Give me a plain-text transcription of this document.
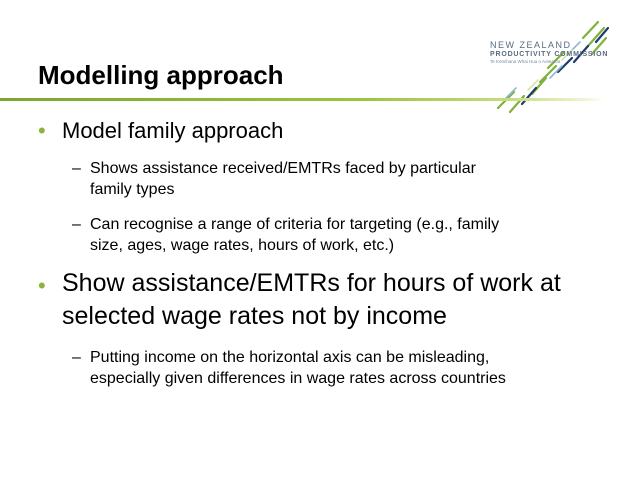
NEW ZEALAND
PRODUCTIVITY COMMISSION
Te Kōmihana Whai Hua o Aotearoa
Modelling approach
• Model family approach
– Shows assistance received/EMTRs faced by particular
family types
– Can recognise a range of criteria for targeting (e.g., family
size, ages, wage rates, hours of work, etc.)
• Show assistance/EMTRs for hours of work at
selected wage rates not by income
– Putting income on the horizontal axis can be misleading,
especially given differences in wage rates across countries
